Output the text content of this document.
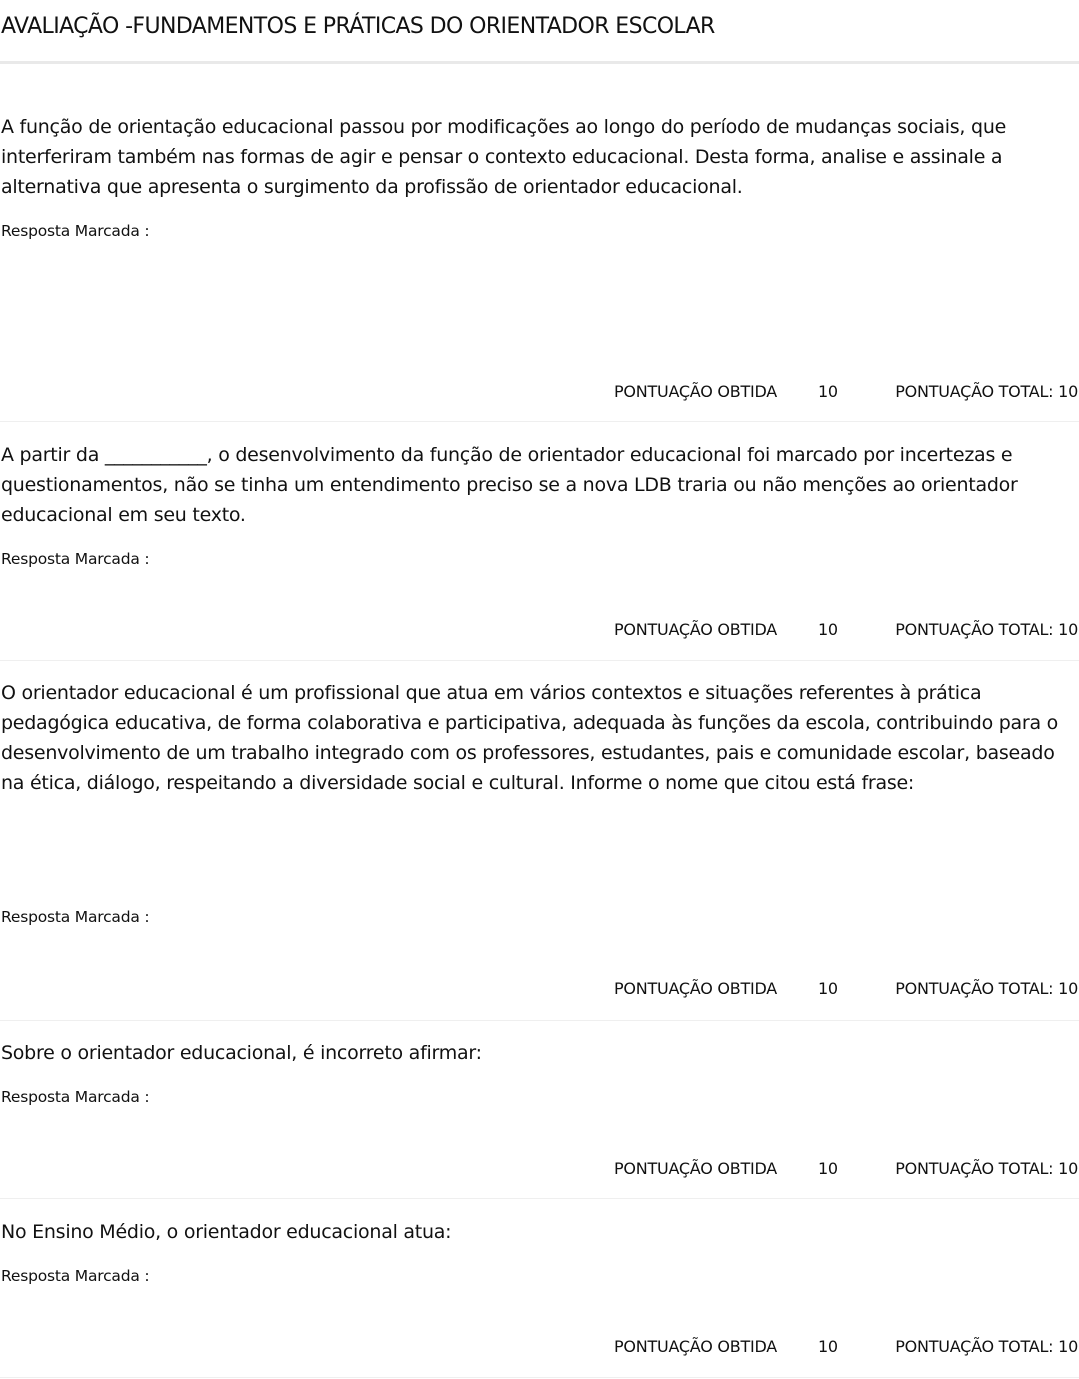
AVALIAÇÃO -FUNDAMENTOS E PRÁTICAS DO ORIENTADOR ESCOLAR

A função de orientação educacional passou por modificações ao longo do período de mudanças sociais, que interferiram também nas formas de agir e pensar o contexto educacional. Desta forma, analise e assinale a alternativa que apresenta o surgimento da profissão de orientador educacional.

Resposta Marcada :
PONTUAÇÃO OBTIDA	10	PONTUAÇÃO TOTAL: 10

A partir da ___________, o desenvolvimento da função de orientador educacional foi marcado por incertezas e questionamentos, não se tinha um entendimento preciso se a nova LDB traria ou não menções ao orientador educacional em seu texto.

Resposta Marcada :
PONTUAÇÃO OBTIDA	10	PONTUAÇÃO TOTAL: 10

O orientador educacional é um profissional que atua em vários contextos e situações referentes à prática pedagógica educativa, de forma colaborativa e participativa, adequada às funções da escola, contribuindo para o desenvolvimento de um trabalho integrado com os professores, estudantes, pais e comunidade escolar, baseado na ética, diálogo, respeitando a diversidade social e cultural. Informe o nome que citou está frase:

Resposta Marcada :
PONTUAÇÃO OBTIDA	10	PONTUAÇÃO TOTAL: 10

Sobre o orientador educacional, é incorreto afirmar:

Resposta Marcada :
PONTUAÇÃO OBTIDA	10	PONTUAÇÃO TOTAL: 10

No Ensino Médio, o orientador educacional atua:

Resposta Marcada :
PONTUAÇÃO OBTIDA	10	PONTUAÇÃO TOTAL: 10
